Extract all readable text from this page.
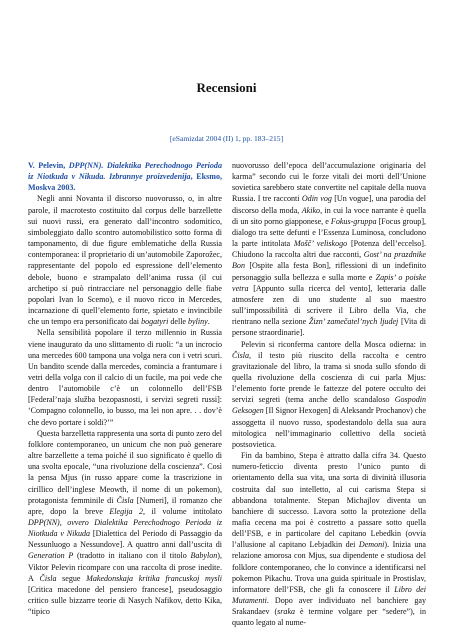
Recensioni
[eSamizdat 2004 (II) 1, pp. 183–215]

V. Pelevin, DPP(NN). Dialektika Perechodnogo Perioda iz Niotkuda v Nikuda. Izbrannye proizvedenija, Eksmo, Moskva 2003.

Negli anni Novanta il discorso nuovorusso, o, in altre parole, il macrotesto costituito dal corpus delle barzellette sui nuovi russi, era generato dall’incontro sodomitico, simboleggiato dallo scontro automobilistico sotto forma di tamponamento, di due figure emblematiche della Russia contemporanea: il proprietario di un’automobile Zaporožec, rappresentante del popolo ed espressione dell’elemento debole, buono e strampalato dell’anima russa (il cui archetipo si può rintracciare nel personaggio delle fiabe popolari Ivan lo Scemo), e il nuovo ricco in Mercedes, incarnazione di quell’elemento forte, spietato e invincibile che un tempo era personificato dai bogatyri delle byliny.

Nella sensibilità popolare il terzo millennio in Russia viene inaugurato da uno slittamento di ruoli: “a un incrocio una mercedes 600 tampona una volga nera con i vetri scuri. Un bandito scende dalla mercedes, comincia a frantumare i vetri della volga con il calcio di un fucile, ma poi vede che dentro l’automobile c’è un colonnello dell’FSB [Federal’naja služba bezopasnosti, i servizi segreti russi]: ‘Compagno colonnello, io busso, ma lei non apre. . . dov’è che devo portare i soldi?’”

Questa barzelletta rappresenta una sorta di punto zero del folklore contemporaneo, un unicum che non può generare altre barzellette a tema poiché il suo significato è quello di una svolta epocale, “una rivoluzione della coscienza”. Così la pensa Mjus (in russo appare come la trascrizione in cirillico dell’inglese Meowth, il nome di un pokemon), protagonista femminile di Čisla [Numeri], il romanzo che apre, dopo la breve Elegija 2, il volume intitolato DPP(NN), ovvero Dialektika Perechodnogo Perioda iz Niotkuda v Nikuda [Dialettica del Periodo di Passaggio da Nessunluogo a Nessundove]. A quattro anni dall’uscita di Generation P (tradotto in italiano con il titolo Babylon), Viktor Pelevin ricompare con una raccolta di prose inedite. A Čisla segue Makedonskaja kritika francuskoj mysli [Critica macedone del pensiero francese], pseudosaggio critico sulle bizzarre teorie di Nasych Nafikov, detto Kika, “tipico

nuovorusso dell’epoca dell’accumulazione originaria del karma” secondo cui le forze vitali dei morti dell’Unione sovietica sarebbero state convertite nel capitale della nuova Russia. I tre racconti Odin vog [Un vogue], una parodia del discorso della moda, Akiko, in cui la voce narrante è quella di un sito porno giapponese, e Fokus-gruppa [Focus group], dialogo tra sette defunti e l’Essenza Luminosa, concludono la parte intitolata Mošč’ veliskogo [Potenza dell’eccelso]. Chiudono la raccolta altri due racconti, Gost’ na prazdnike Bon [Ospite alla festa Bon], riflessioni di un indefinito personaggio sulla bellezza e sulla morte e Zapis’ o poiske vetra [Appunto sulla ricerca del vento], letteraria dalle atmosfere zen di uno studente al suo maestro sull’impossibilità di scrivere il Libro della Via, che rientrano nella sezione Žizn’ zamečatel’nych ljudej [Vita di persone straordinarie].

Pelevin si riconferma cantore della Mosca odierna: in Čisla, il testo più riuscito della raccolta e centro gravitazionale del libro, la trama si snoda sullo sfondo di quella rivoluzione della coscienza di cui parla Mjus: l’elemento forte prende le fattezze del potere occulto dei servizi segreti (tema anche dello scandaloso Gospodin Geksogen [Il Signor Hexogen] di Aleksandr Prochanov) che assoggetta il nuovo russo, spodestandolo della sua aura mitologica nell’immaginario collettivo della società postsovietica.

Fin da bambino, Stepa è attratto dalla cifra 34. Questo numero-feticcio diventa presto l’unico punto di orientamento della sua vita, una sorta di divinità illusoria costruita dal suo intelletto, al cui carisma Stepa si abbandona totalmente. Stepan Michajlov diventa un banchiere di successo. Lavora sotto la protezione della mafia cecena ma poi è costretto a passare sotto quella dell’FSB, e in particolare del capitano Lebedkin (ovvia l’allusione al capitano Lebjadkin dei Demoni). Inizia una relazione amorosa con Mjus, sua dipendente e studiosa del folklore contemporaneo, che lo convince a identificarsi nel pokemon Pikachu. Trova una guida spirituale in Prostislav, informatore dell’FSB, che gli fa conoscere il Libro dei Mutamenti. Dopo aver individuato nel banchiere gay Srakandaev (sraka è termine volgare per “sedere”), in quanto legato al nume-
